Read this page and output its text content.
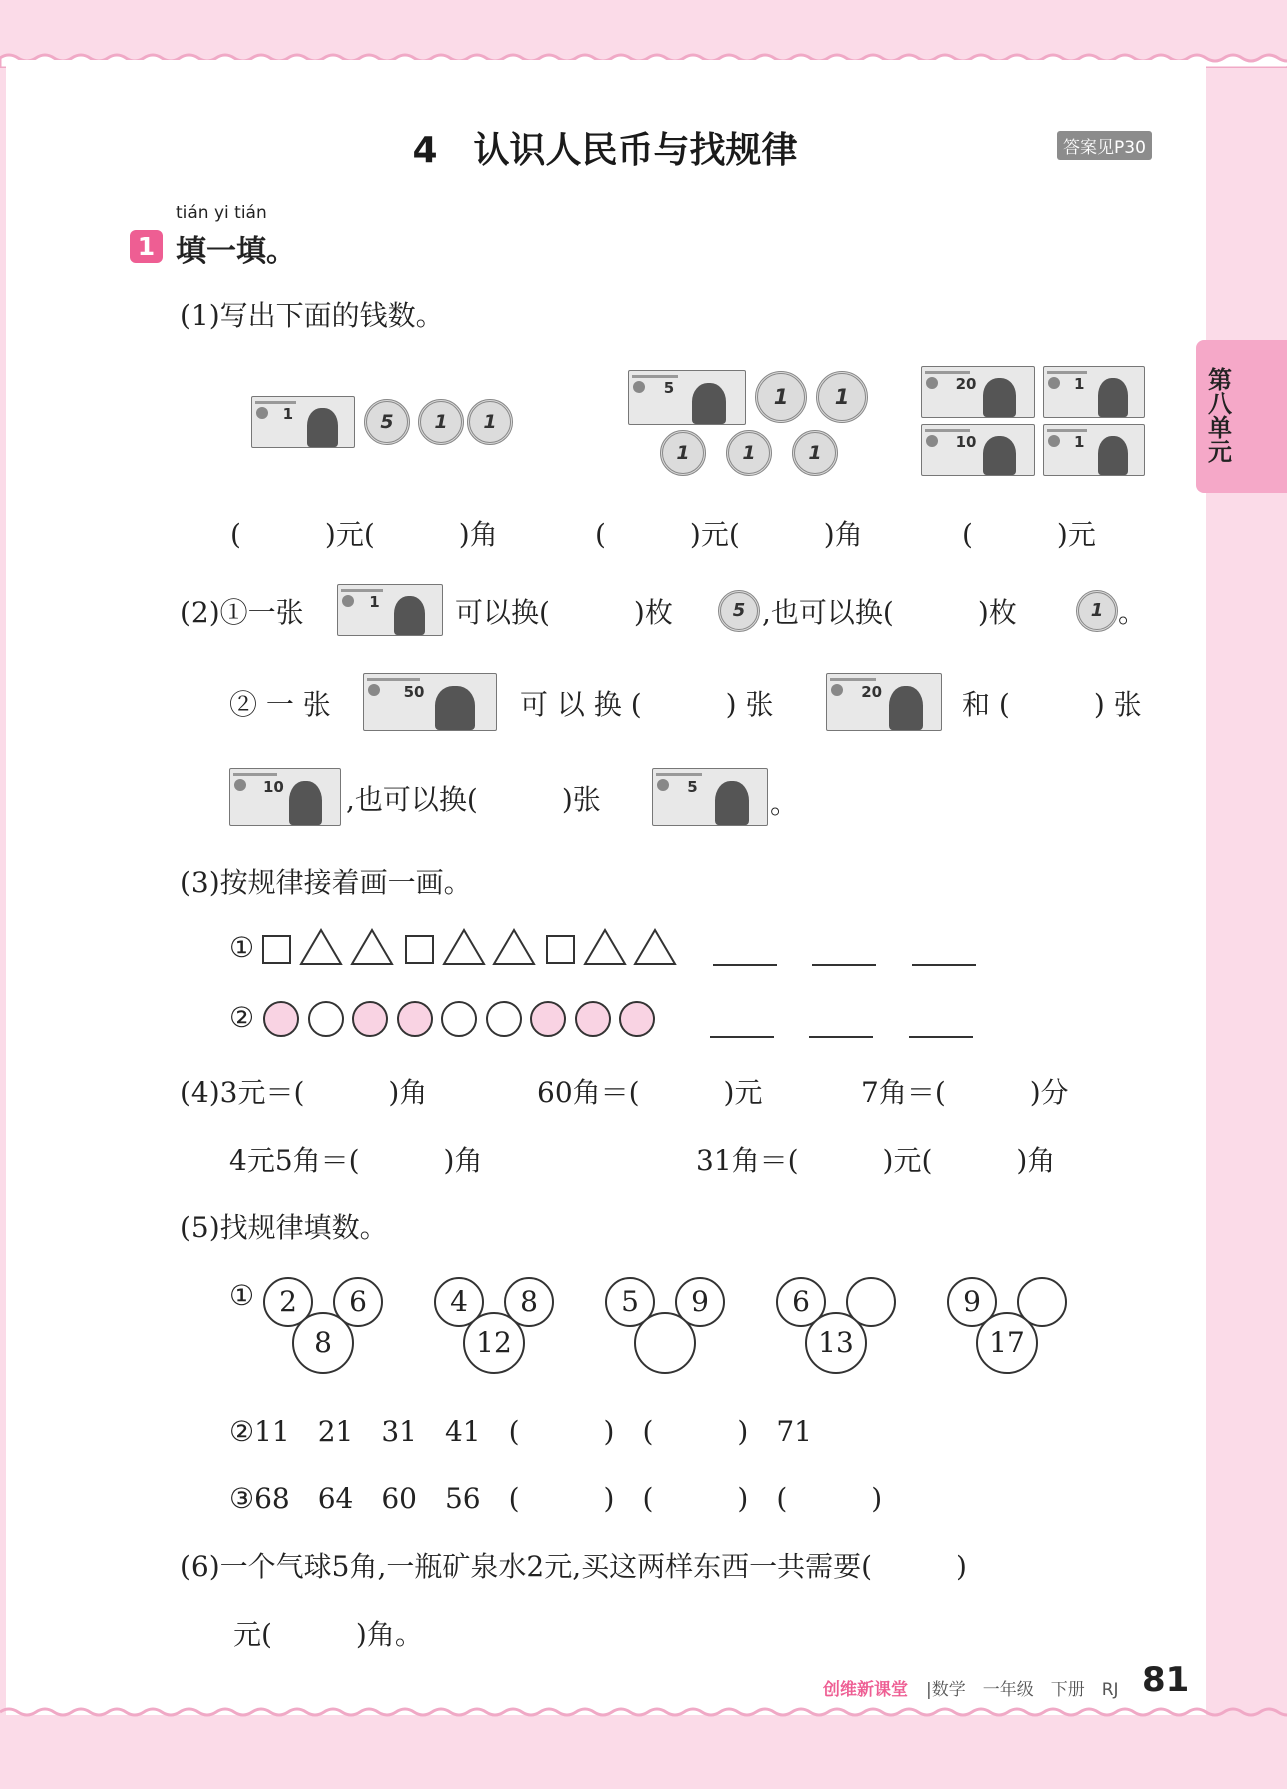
4　认识人民币与找规律	答案见P30
第
八
单
元
tián yi tián
1 填一填。
(1)写出下面的钱数。
1	5	1	1
5	1	1
1	1	1
20	1
10	1
(　　　)元(　　　)角	(　　　)元(　　　)角	(　　　)元
(2)①一张	1	可以换(　　　)枚	5 ,也可以换(　　　)枚	1 。
② 一 张	50	可 以 换 (　　　) 张	20	和 (　　　) 张
10 ,也可以换(　　　)张	5
。
(3)按规律接着画一画。
①
②
(4)3元＝(　　　)角	60角＝(　　　)元	7角＝(　　　)分
4元5角＝(　　　)角	31角＝(　　　)元(　　　)角
(5)找规律填数。
① 2	6
8
4	8
12
5	9	6
13
9
17
②11　21　31　41　(　　　)　(　　　)　71
③68　64　60　56　(　　　)　(　　　)　(　　　)
(6)一个气球5角,一瓶矿泉水2元,买这两样东西一共需要(　　　)
元(　　　)角。
创维新课堂 |数学　一年级　下册　RJ 81
